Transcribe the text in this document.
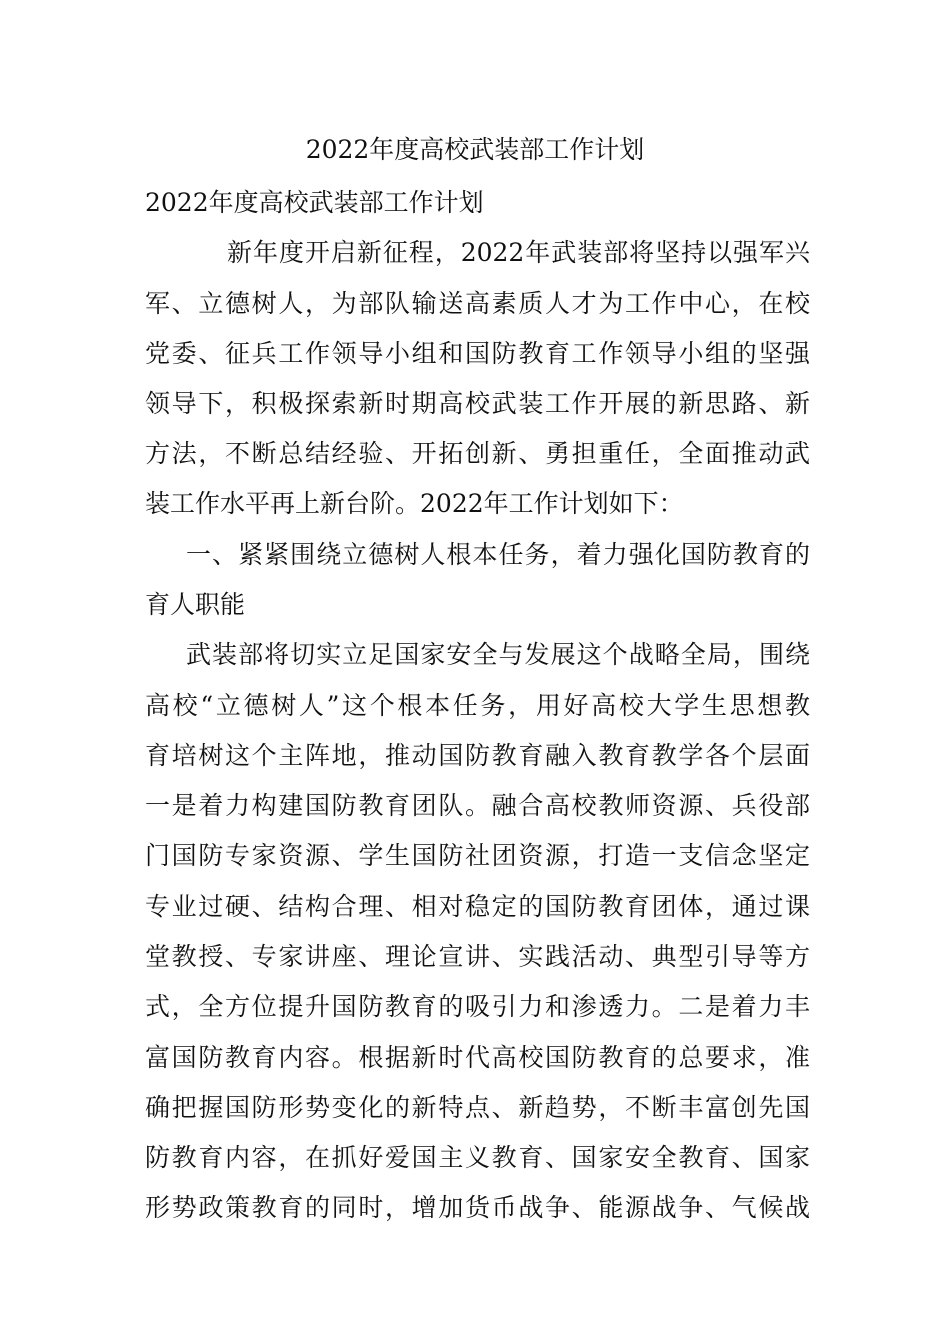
2022年度高校武装部工作计划
2022年度高校武装部工作计划
新年度开启新征程，2022年武装部将坚持以强军兴
军、立德树人，为部队输送高素质人才为工作中心，在校
党委、征兵工作领导小组和国防教育工作领导小组的坚强
领导下，积极探索新时期高校武装工作开展的新思路、新
方法，不断总结经验、开拓创新、勇担重任，全面推动武
装工作水平再上新台阶。2022年工作计划如下：
一、紧紧围绕立德树人根本任务，着力强化国防教育的
育人职能
武装部将切实立足国家安全与发展这个战略全局，围绕
高校“立德树人”这个根本任务，用好高校大学生思想教
育培树这个主阵地，推动国防教育融入教育教学各个层面
一是着力构建国防教育团队。融合高校教师资源、兵役部
门国防专家资源、学生国防社团资源，打造一支信念坚定
专业过硬、结构合理、相对稳定的国防教育团体，通过课
堂教授、专家讲座、理论宣讲、实践活动、典型引导等方
式，全方位提升国防教育的吸引力和渗透力。二是着力丰
富国防教育内容。根据新时代高校国防教育的总要求，准
确把握国防形势变化的新特点、新趋势，不断丰富创先国
防教育内容，在抓好爱国主义教育、国家安全教育、国家
形势政策教育的同时，增加货币战争、能源战争、气候战
